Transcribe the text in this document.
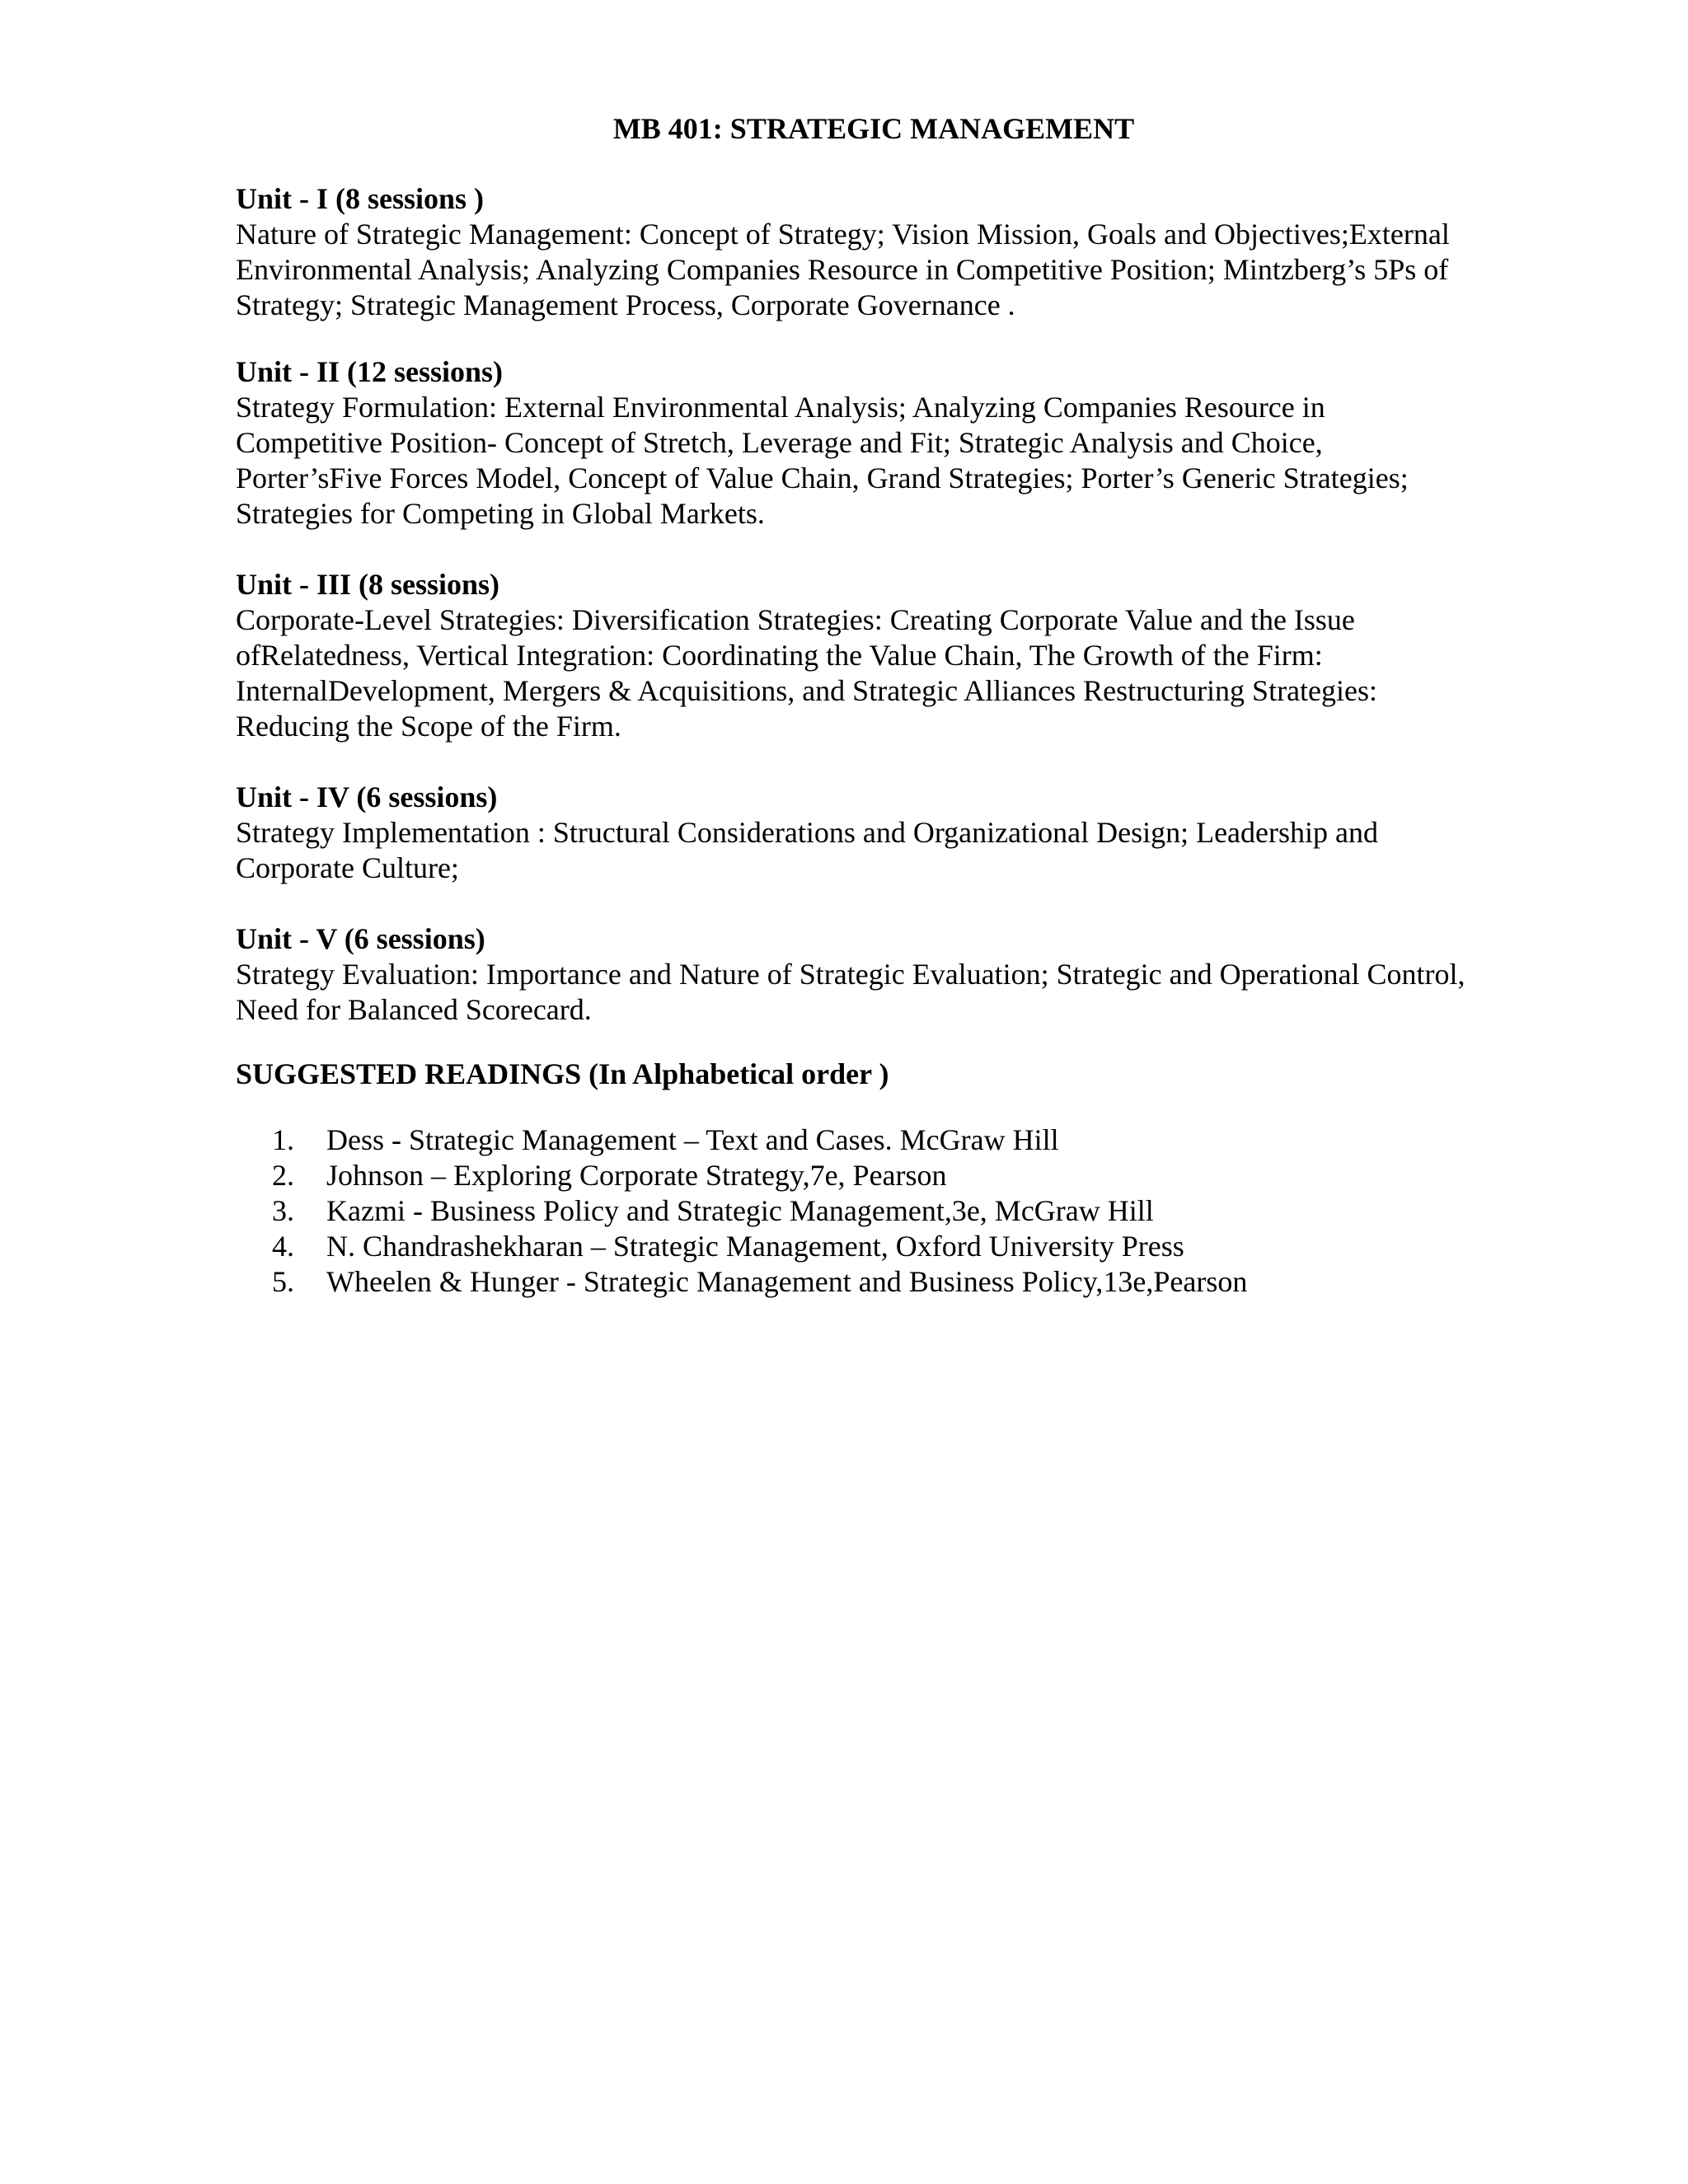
MB 401: STRATEGIC MANAGEMENT

Unit - I (8 sessions )

Nature of Strategic Management: Concept of Strategy; Vision Mission, Goals and Objectives;External

Environmental Analysis; Analyzing Companies Resource in Competitive Position; Mintzberg’s 5Ps of

Strategy; Strategic Management Process, Corporate Governance .

Unit - II (12 sessions)

Strategy Formulation: External Environmental Analysis; Analyzing Companies Resource in

Competitive Position- Concept of Stretch, Leverage and Fit; Strategic Analysis and Choice,

Porter’sFive Forces Model, Concept of Value Chain, Grand Strategies; Porter’s Generic Strategies;

Strategies for Competing in Global Markets.

Unit - III (8 sessions)

Corporate-Level Strategies: Diversification Strategies: Creating Corporate Value and the Issue

ofRelatedness, Vertical Integration: Coordinating the Value Chain, The Growth of the Firm:

InternalDevelopment, Mergers & Acquisitions, and Strategic Alliances Restructuring Strategies:

Reducing the Scope of the Firm.

Unit - IV (6 sessions)

Strategy Implementation : Structural Considerations and Organizational Design; Leadership and

Corporate Culture;

Unit - V (6 sessions)

Strategy Evaluation: Importance and Nature of Strategic Evaluation; Strategic and Operational Control,

Need for Balanced Scorecard.

SUGGESTED READINGS (In Alphabetical order )
1.	Dess - Strategic Management – Text and Cases. McGraw Hill
2.	Johnson – Exploring Corporate Strategy,7e, Pearson
3.	Kazmi - Business Policy and Strategic Management,3e, McGraw Hill
4.	N. Chandrashekharan – Strategic Management, Oxford University Press
5.	Wheelen & Hunger - Strategic Management and Business Policy,13e,Pearson
